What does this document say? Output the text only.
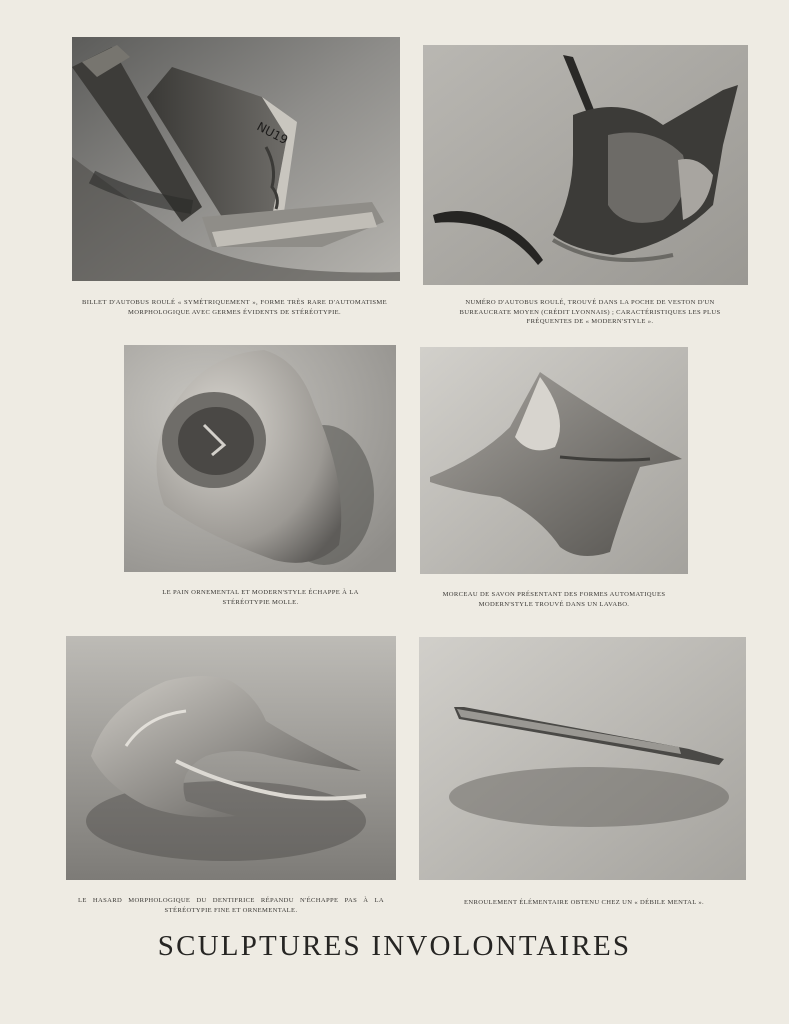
NU19
BILLET D'AUTOBUS ROULÉ « SYMÉTRIQUEMENT », FORME TRÈS RARE D'AUTOMATISME MORPHOLOGIQUE AVEC GERMES ÉVIDENTS DE STÉRÉOTYPIE.
NUMÉRO D'AUTOBUS ROULÉ, TROUVÉ DANS LA POCHE DE VESTON D'UN BUREAUCRATE MOYEN (CRÉDIT LYONNAIS) ; CARACTÉRISTIQUES LES PLUS FRÉQUENTES DE « MODERN'STYLE ».
LE PAIN ORNEMENTAL ET MODERN'STYLE ÉCHAPPE À LA STÉRÉOTYPIE MOLLE.
MORCEAU DE SAVON PRÉSENTANT DES FORMES AUTOMATIQUES MODERN'STYLE TROUVÉ DANS UN LAVABO.
LE HASARD MORPHOLOGIQUE DU DENTIFRICE RÉPANDU N'ÉCHAPPE PAS À LA STÉRÉOTYPIE FINE ET ORNEMENTALE.
ENROULEMENT ÉLÉMENTAIRE OBTENU CHEZ UN « DÉBILE MENTAL ».
SCULPTURES INVOLONTAIRES
